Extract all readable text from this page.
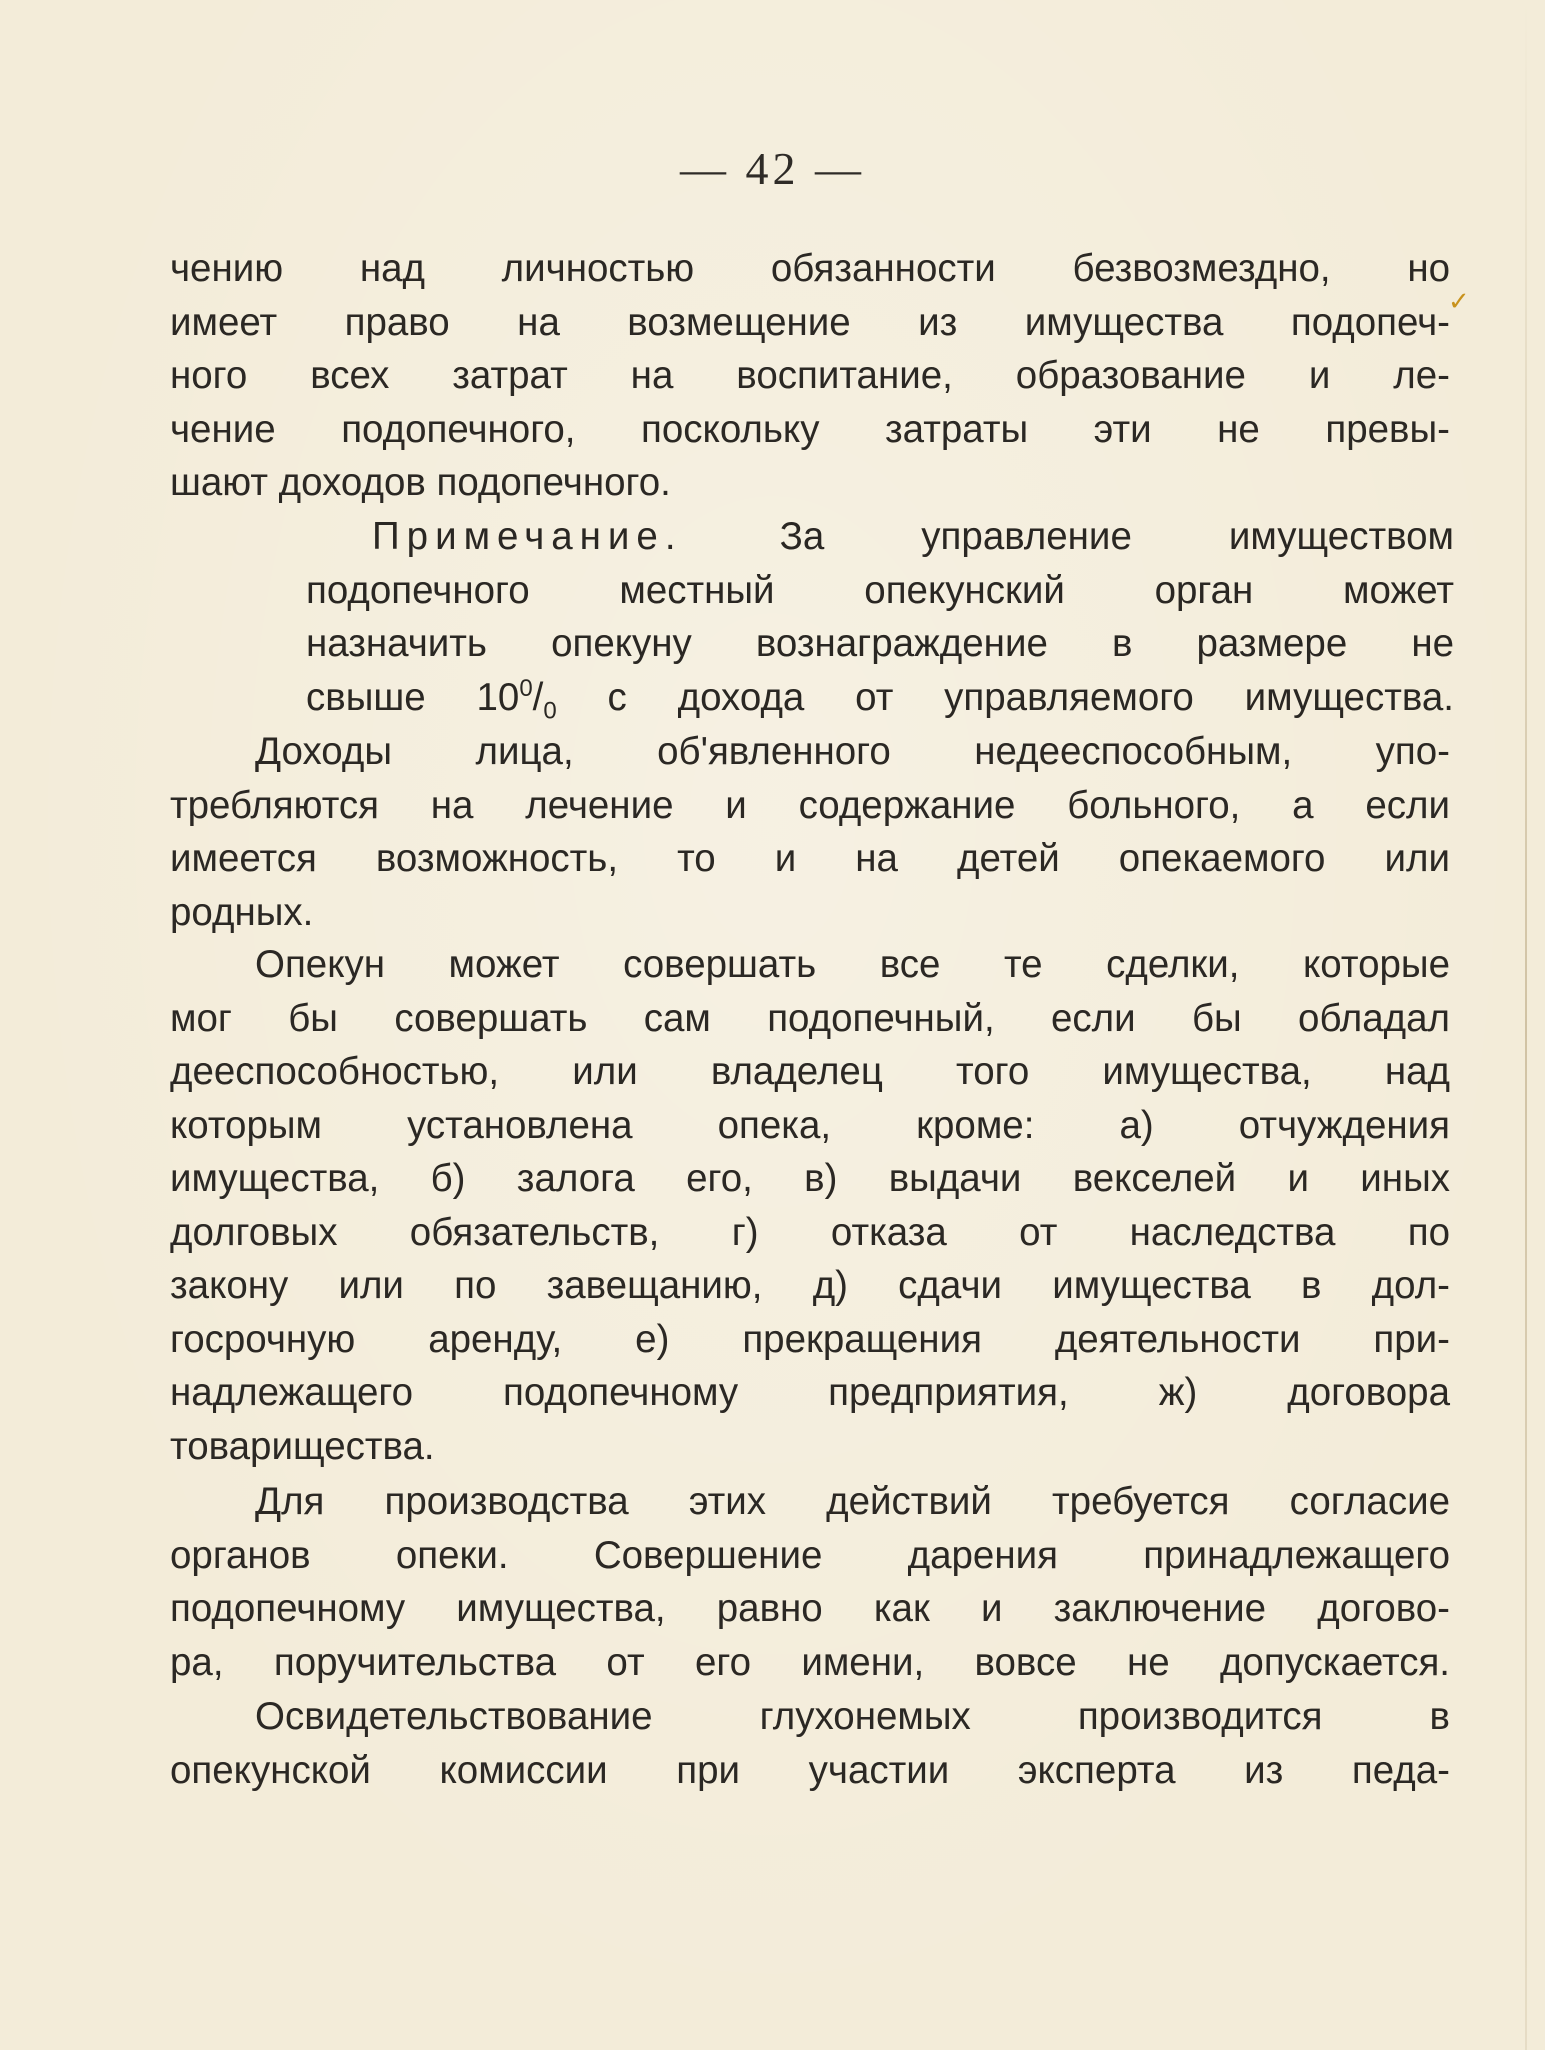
— 42 —
✓
чению над личностью обязанности безвозмездно, но
имеет право на возмещение из имущества подопеч-
ного всех затрат на воспитание, образование и ле-
чение подопечного, поскольку затраты эти не превы-
шают доходов подопечного.
Примечание.	За управление имуществом
подопечного местный опекунский орган может
назначить опекуну вознаграждение в размере не
свыше $10^0/_0$ с дохода от управляемого имущества.
Доходы лица, об'явленного недееспособным, упо-
требляются на лечение и содержание больного, а если
имеется возможность, то и на детей опекаемого или
родных.
Опекун может совершать все те сделки, которые
мог бы совершать сам подопечный, если бы обладал
дееспособностью, или владелец того имущества, над
которым установлена опека, кроме: а) отчуждения
имущества, б) залога его, в) выдачи векселей и иных
долговых обязательств, г) отказа от наследства по
закону или по завещанию, д) сдачи имущества в дол-
госрочную аренду, е) прекращения деятельности при-
надлежащего подопечному предприятия, ж) договора
товарищества.
Для производства этих действий требуется согласие
органов опеки. Совершение дарения принадлежащего
подопечному имущества, равно как и заключение догово-
ра, поручительства от его имени, вовсе не допускается.
Освидетельствование глухонемых производится в
опекунской комиссии при участии эксперта из педа-
